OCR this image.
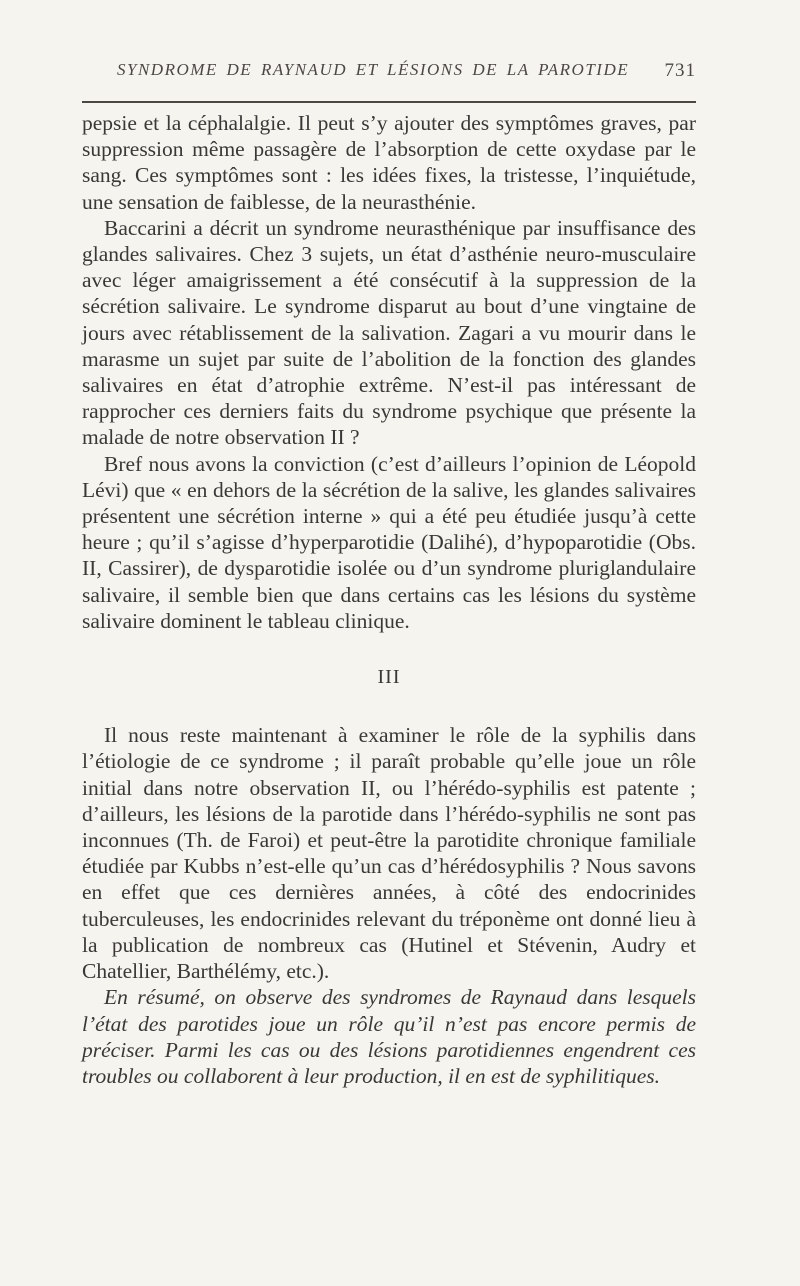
SYNDROME DE RAYNAUD ET LÉSIONS DE LA PAROTIDE 731

pepsie et la céphalalgie. Il peut s’y ajouter des symptômes graves, par suppression même passagère de l’absorption de cette oxydase par le sang. Ces symptômes sont : les idées fixes, la tristesse, l’inquiétude, une sensation de faiblesse, de la neurasthénie.

Baccarini a décrit un syndrome neurasthénique par insuffisance des glandes salivaires. Chez 3 sujets, un état d’asthénie neuro-musculaire avec léger amaigrissement a été consécutif à la suppression de la sécrétion salivaire. Le syndrome disparut au bout d’une vingtaine de jours avec rétablissement de la salivation. Zagari a vu mourir dans le marasme un sujet par suite de l’abolition de la fonction des glandes salivaires en état d’atrophie extrême. N’est-il pas intéressant de rapprocher ces derniers faits du syndrome psychique que présente la malade de notre observation II ?

Bref nous avons la conviction (c’est d’ailleurs l’opinion de Léopold Lévi) que « en dehors de la sécrétion de la salive, les glandes salivaires présentent une sécrétion interne » qui a été peu étudiée jusqu’à cette heure ; qu’il s’agisse d’hyperparotidie (Dalihé), d’hypoparotidie (Obs. II, Cassirer), de dysparotidie isolée ou d’un syndrome pluriglandulaire salivaire, il semble bien que dans certains cas les lésions du système salivaire dominent le tableau clinique.

III

Il nous reste maintenant à examiner le rôle de la syphilis dans l’étiologie de ce syndrome ; il paraît probable qu’elle joue un rôle initial dans notre observation II, ou l’hérédo-syphilis est patente ; d’ailleurs, les lésions de la parotide dans l’hérédo-syphilis ne sont pas inconnues (Th. de Faroi) et peut-être la parotidite chronique familiale étudiée par Kubbs n’est-elle qu’un cas d’hérédosyphilis ? Nous savons en effet que ces dernières années, à côté des endocrinides tuberculeuses, les endocrinides relevant du tréponème ont donné lieu à la publication de nombreux cas (Hutinel et Stévenin, Audry et Chatellier, Barthélémy, etc.).

En résumé, on observe des syndromes de Raynaud dans lesquels l’état des parotides joue un rôle qu’il n’est pas encore permis de préciser. Parmi les cas ou des lésions parotidiennes engendrent ces troubles ou collaborent à leur production, il en est de syphilitiques.
